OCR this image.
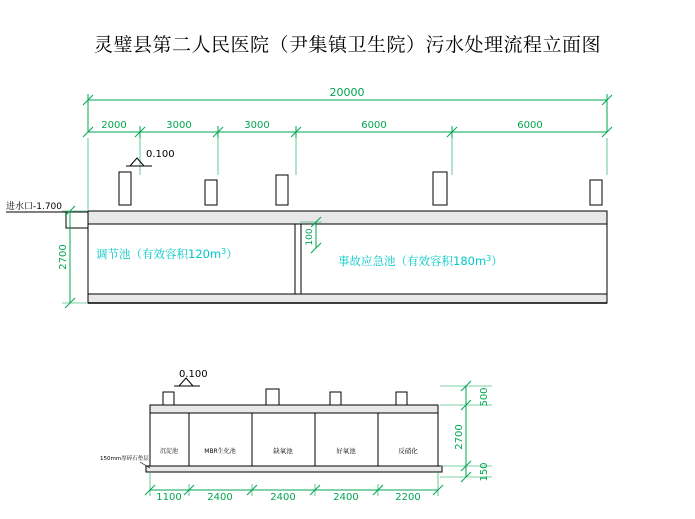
灵璧县第二人民医院（尹集镇卫生院）污水处理流程立面图
20000
2000	3000	3000	6000	6000
0.100
进水口-1.700
调节池（有效容积$120m^3$）	事故应急池（有效容积$180m^3$）
2700
100
0.100
沉淀池	MBR生化池	缺氧池	好氧池	反硝化
150mm厚碎石垫层
500
2700
150
1100	2400	2400	2400	2200
